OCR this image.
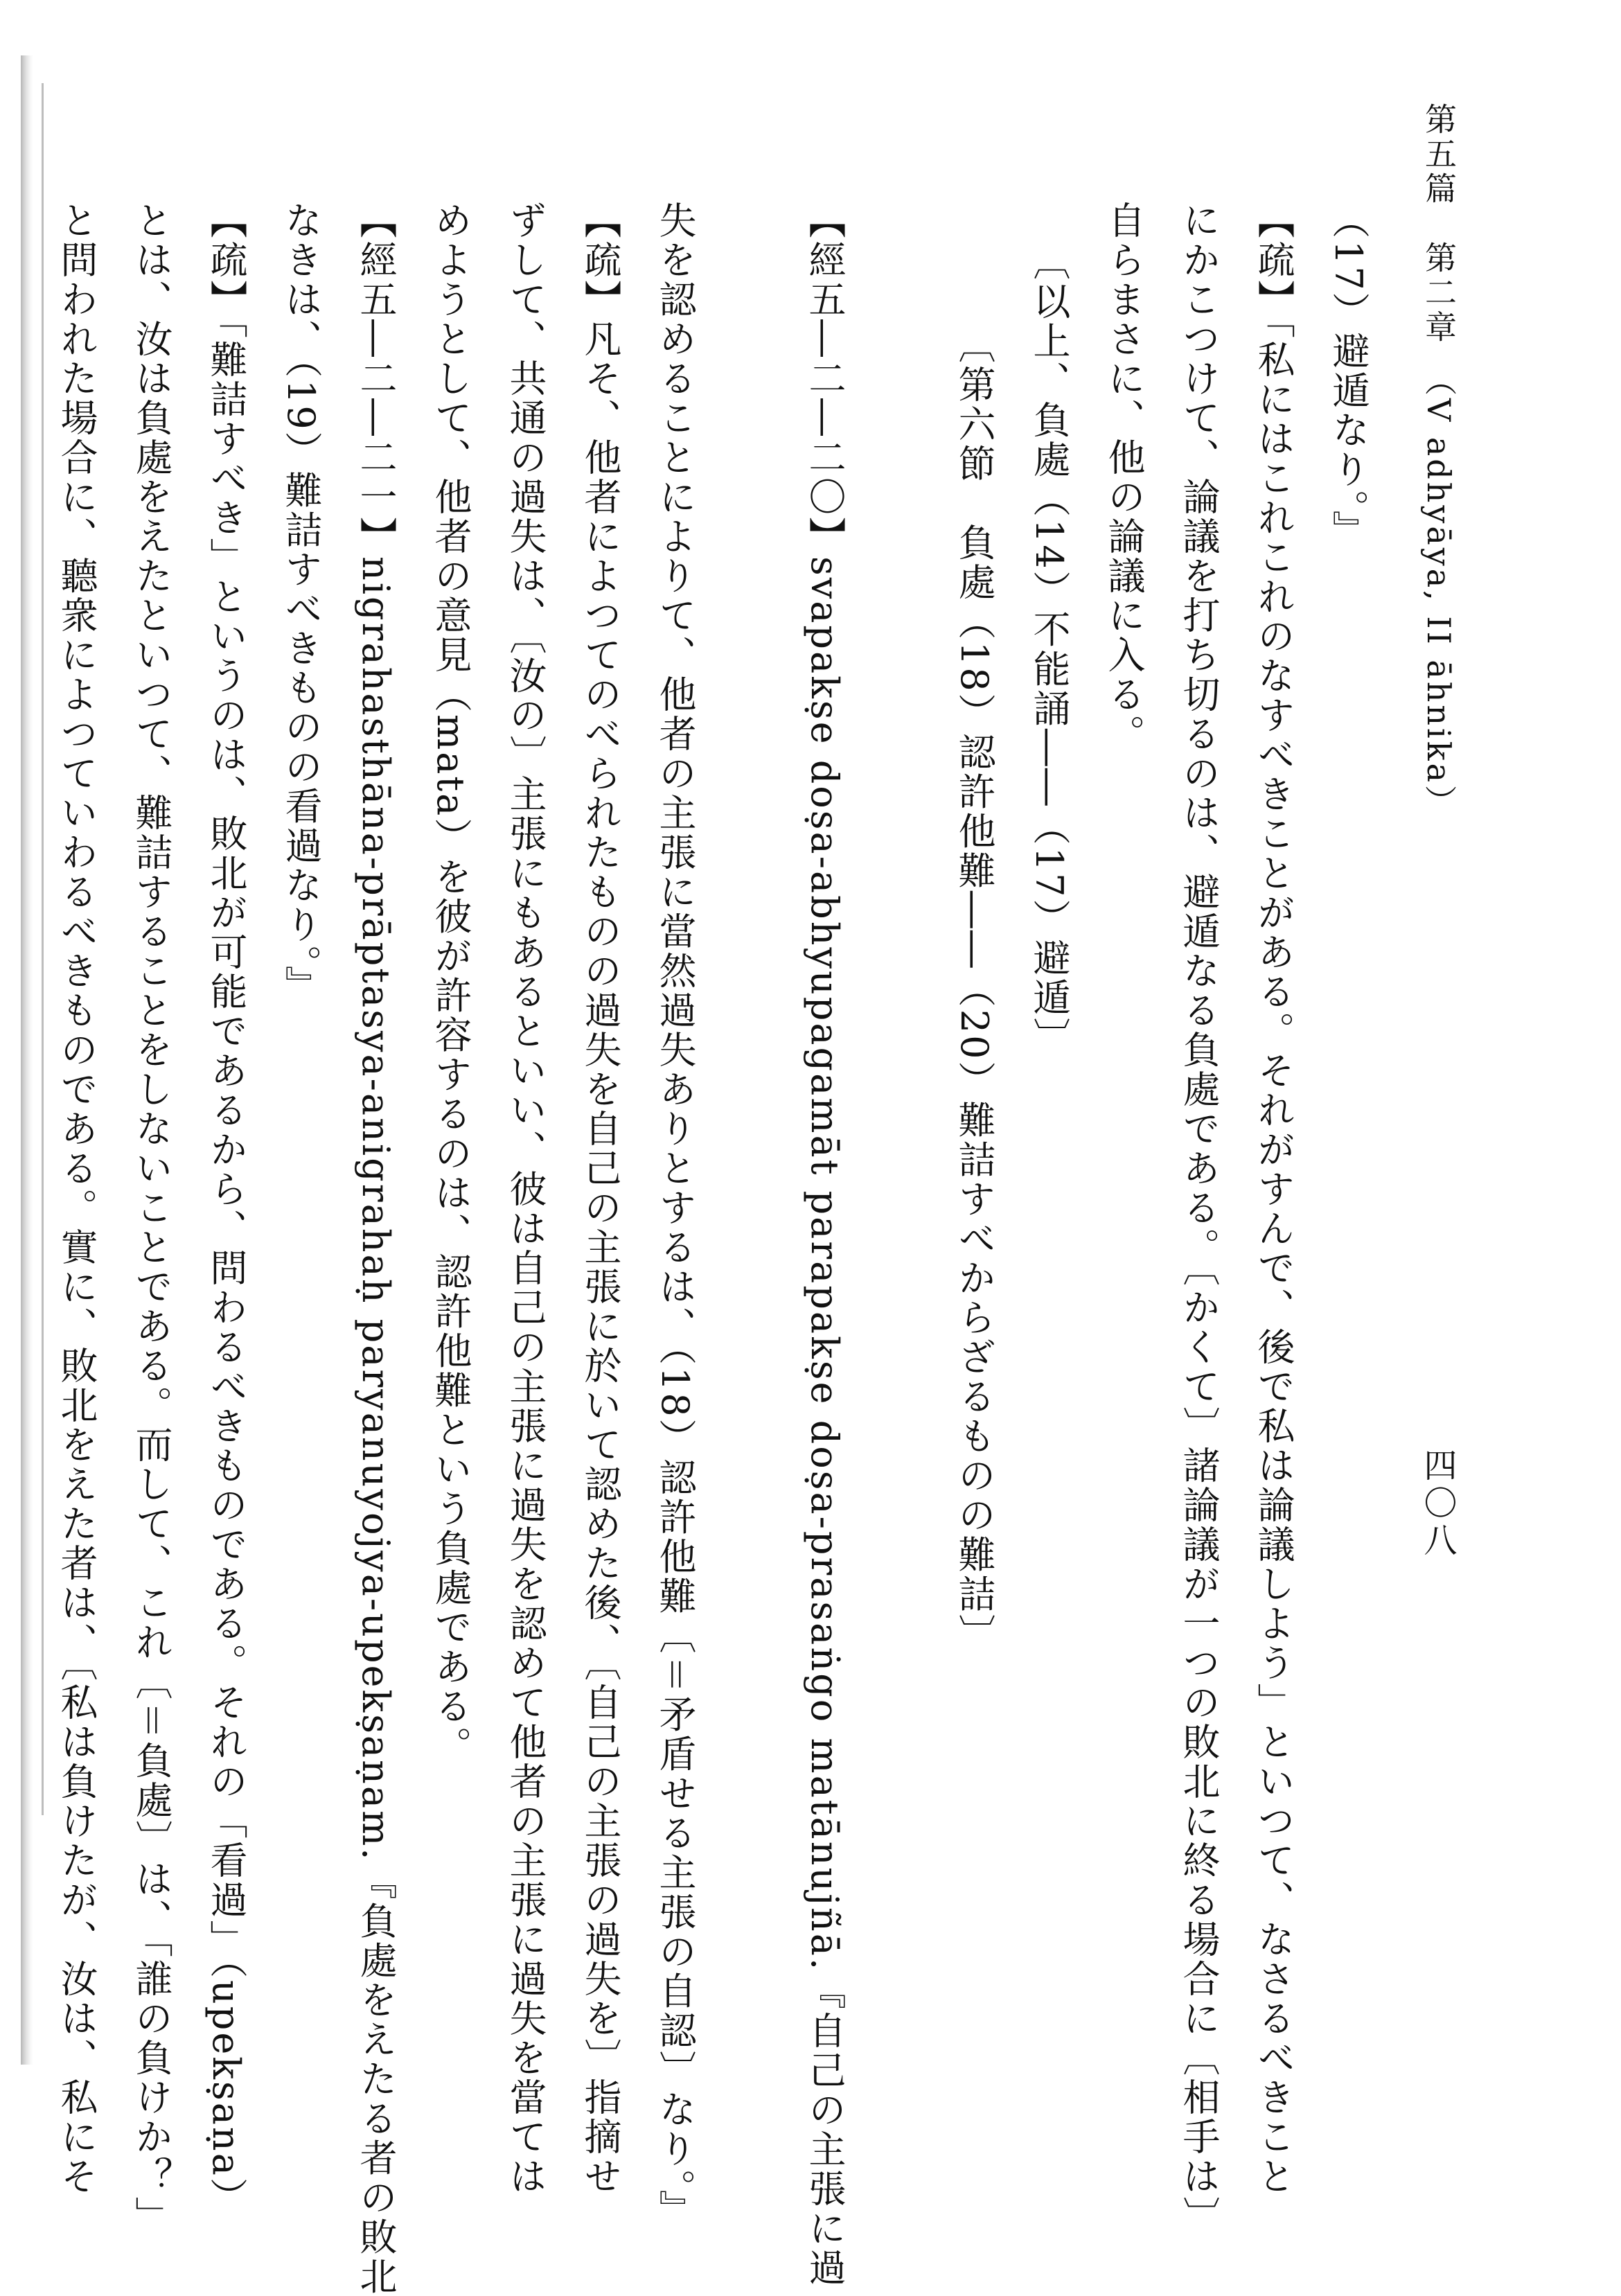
第五篇　第二章　（V adhyāya, II āhnika）
四〇八
（17）避遁なり。』
【疏】「私にはこれこれのなすべきことがある。それがすんで、後で私は論議しよう」といつて、なさるべきこと
にかこつけて、論議を打ち切るのは、避遁なる負處である。〔かくて〕諸論議が一つの敗北に終る場合に〔相手は〕
自らまさに、他の論議に入る。
〔以上、負處（14）不能誦――（17）避遁〕
〔第六節　負處（18）認許他難――（20）難詰すべからざるものの難詰〕
【經五―二―二〇】svapakṣe doṣa-abhyupagamāt parapakṣe doṣa-prasaṅgo matānujñā.『自己の主張に過
失を認めることによりて、他者の主張に當然過失ありとするは、（18）認許他難〔＝矛盾せる主張の自認〕なり。』
【疏】凡そ、他者によつてのべられたものの過失を自己の主張に於いて認めた後、〔自己の主張の過失を〕指摘せ
ずして、共通の過失は、〔汝の〕主張にもあるといい、彼は自己の主張に過失を認めて他者の主張に過失を當ては
めようとして、他者の意見（mata）を彼が許容するのは、認許他難という負處である。
【經五―二―二一】nigrahasthāna-prāptasya-anigrahaḥ paryanuyojya-upekṣaṇam.『負處をえたる者の敗北
なきは、（19）難詰すべきものの看過なり。』
【疏】「難詰すべき」というのは、敗北が可能であるから、問わるべきものである。それの「看過」（upekṣaṇa）
とは、汝は負處をえたといつて、難詰することをしないことである。而して、これ〔＝負處〕は、「誰の負けか？」
と問われた場合に、聽衆によつていわるべきものである。實に、敗北をえた者は、〔私は負けたが、汝は、私にそ
